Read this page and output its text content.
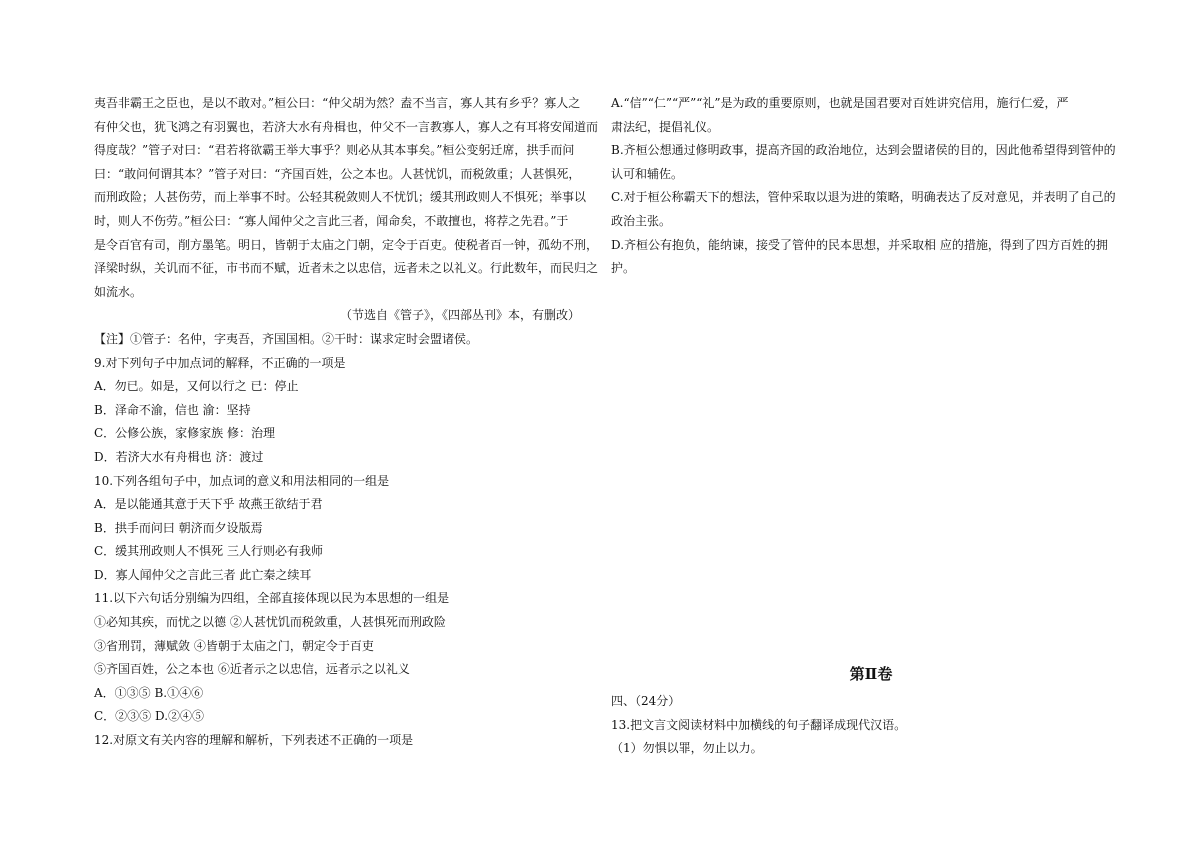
夷吾非霸王之臣也，是以不敢对。”桓公曰：“仲父胡为然？盍不当言，寡人其有乡乎？寡人之
有仲父也，犹飞鸿之有羽翼也，若济大水有舟楫也，仲父不一言教寡人，寡人之有耳将安闻道而
得度哉？”管子对曰：“君若将欲霸王举大事乎？则必从其本事矣。”桓公变躬迁席，拱手而问
曰：“敢问何谓其本？”管子对曰：“齐国百姓，公之本也。人甚忧饥，而税敛重；人甚惧死，
而刑政险；人甚伤劳，而上举事不时。公轻其税敛则人不忧饥；缓其刑政则人不惧死；举事以
时，则人不伤劳。”桓公曰：“寡人闻仲父之言此三者，闻命矣，不敢擅也，将荐之先君。”于
是令百官有司，削方墨笔。明日，皆朝于太庙之门朝，定令于百吏。使税者百一钟，孤幼不刑，
泽梁时纵，关讥而不征，市书而不赋，近者未之以忠信，远者未之以礼义。行此数年，而民归之
如流水。

（节选自《管子》，《四部丛刊》本，有删改）
【注】①管子：名仲，字夷吾，齐国国相。②干时：谋求定时会盟诸侯。
9.对下列句子中加点词的解释，不正确的一项是
A．勿已。如是，又何以行之 已：停止
B．泽命不渝，信也 渝：坚持
C．公修公族，家修家族 修：治理
D．若济大水有舟楫也 济：渡过
10.下列各组句子中，加点词的意义和用法相同的一组是
A．是以能通其意于天下乎 故燕王欲结于君
B．拱手而问曰 朝济而夕设版焉
C．缓其刑政则人不惧死 三人行则必有我师
D．寡人闻仲父之言此三者 此亡秦之续耳
11.以下六句话分别编为四组，全部直接体现以民为本思想的一组是
①必知其疾，而忧之以德 ②人甚忧饥而税敛重，人甚惧死而刑政险
③省刑罚，薄赋敛 ④皆朝于太庙之门，朝定令于百吏
⑤齐国百姓，公之本也 ⑥近者示之以忠信，远者示之以礼义
A．①③⑤ B.①④⑥
C．②③⑤ D.②④⑤
12.对原文有关内容的理解和解析，下列表述不正确的一项是

A.“信”“仁”“严”“礼”是为政的重要原则，也就是国君要对百姓讲究信用，施行仁爱，严
肃法纪，提倡礼仪。

B.齐桓公想通过修明政事，提高齐国的政治地位，达到会盟诸侯的目的，因此他希望得到管仲的
认可和辅佐。

C.对于桓公称霸天下的想法，管仲采取以退为进的策略，明确表达了反对意见，并表明了自己的
政治主张。

D.齐桓公有抱负，能纳谏，接受了管仲的民本思想，并采取相 应的措施，得到了四方百姓的拥
护。

第Ⅱ卷
四、（24分）
13.把文言文阅读材料中加横线的句子翻译成现代汉语。
（1）勿惧以罪，勿止以力。
